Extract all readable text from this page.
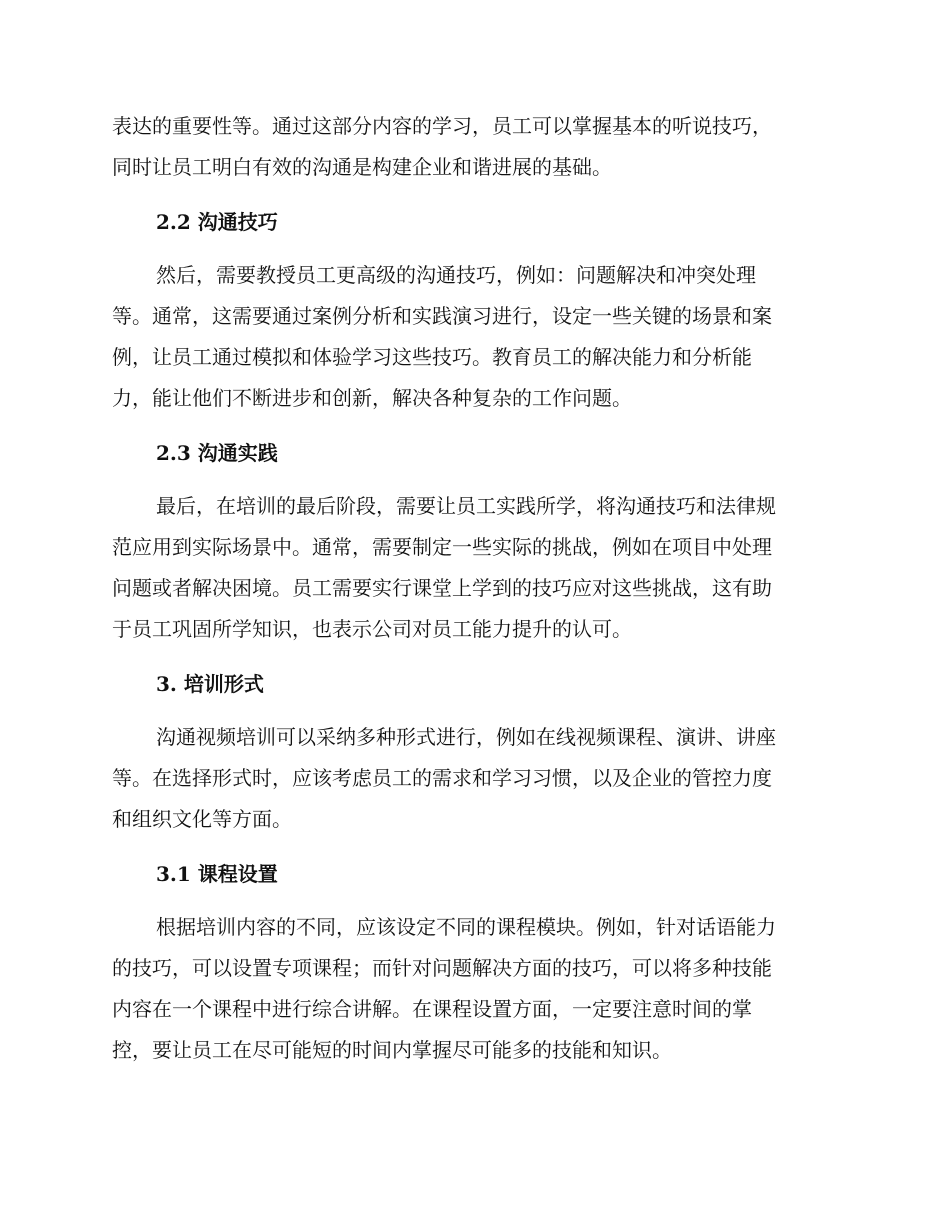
表达的重要性等。通过这部分内容的学习，员工可以掌握基本的听说技巧，
同时让员工明白有效的沟通是构建企业和谐进展的基础。

2.2 沟通技巧

然后，需要教授员工更高级的沟通技巧，例如：问题解决和冲突处理
等。通常，这需要通过案例分析和实践演习进行，设定一些关键的场景和案
例，让员工通过模拟和体验学习这些技巧。教育员工的解决能力和分析能
力，能让他们不断进步和创新，解决各种复杂的工作问题。

2.3 沟通实践

最后，在培训的最后阶段，需要让员工实践所学，将沟通技巧和法律规
范应用到实际场景中。通常，需要制定一些实际的挑战，例如在项目中处理
问题或者解决困境。员工需要实行课堂上学到的技巧应对这些挑战，这有助
于员工巩固所学知识，也表示公司对员工能力提升的认可。

3. 培训形式

沟通视频培训可以采纳多种形式进行，例如在线视频课程、演讲、讲座
等。在选择形式时，应该考虑员工的需求和学习习惯，以及企业的管控力度
和组织文化等方面。

3.1 课程设置

根据培训内容的不同，应该设定不同的课程模块。例如，针对话语能力
的技巧，可以设置专项课程；而针对问题解决方面的技巧，可以将多种技能
内容在一个课程中进行综合讲解。在课程设置方面，一定要注意时间的掌
控，要让员工在尽可能短的时间内掌握尽可能多的技能和知识。
